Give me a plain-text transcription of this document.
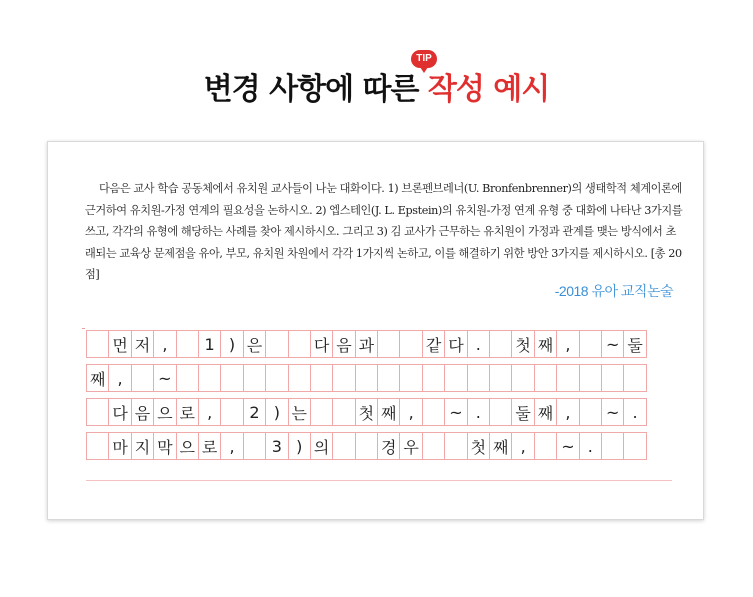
변경 사항에 따른 작성 예시
TIP

다음은 교사 학습 공동체에서 유치원 교사들이 나눈 대화이다. 1) 브론펜브레너(U. Bronfenbrenner)의 생태학적 체계이론에 근거하여 유치원-가정 연계의 필요성을 논하시오. 2) 엡스테인(J. L. Epstein)의 유치원-가정 연계 유형 중 대화에 나타난 3가지를 쓰고, 각각의 유형에 해당하는 사례를 찾아 제시하시오. 그리고 3) 김 교사가 근무하는 유치원이 가정과 관계를 맺는 방식에서 초래되는 교육상 문제점을 유아, 부모, 유치원 차원에서 각각 1가지씩 논하고, 이를 해결하기 위한 방안 3가지를 제시하시오. [총 20점]

-2018 유아 교직논술
먼 저 ,	1 ) 은	다 음 과	같 다 .	첫 째 ,	~ 둘
째 ,	~
다 음 으 로 ,	2 ) 는	첫 째 ,	~ .	둘 째 ,	~ .
마 지 막 으 로 ,	3 ) 의	경 우	첫 째 ,	~ .
